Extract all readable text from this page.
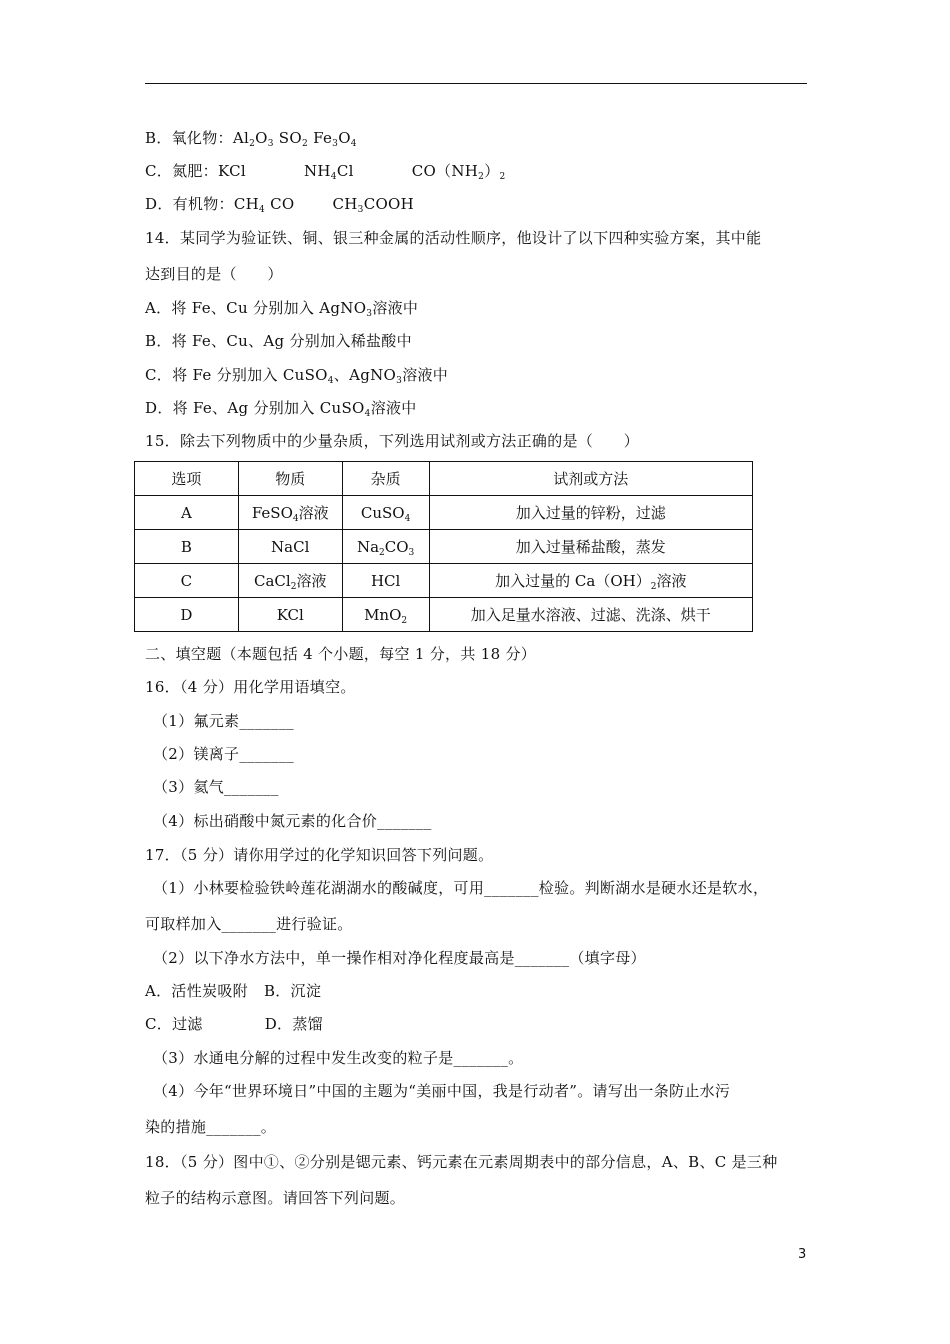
B．氧化物：$Al_2O_3$ $SO_2$ $Fe_3O_4$
C．氮肥：KCl	$NH_4Cl$	$CO(NH_2)_2$
D．有机物：$CH_4$ CO	$CH_3COOH$
14．某同学为验证铁、铜、银三种金属的活动性顺序，他设计了以下四种实验方案，其中能
达到目的是（　　）
A．将 Fe、Cu 分别加入 AgNO$_3$溶液中
B．将 Fe、Cu、Ag 分别加入稀盐酸中
C．将 Fe 分别加入 CuSO$_4$、AgNO$_3$溶液中
D．将 Fe、Ag 分别加入 CuSO$_4$溶液中
15．除去下列物质中的少量杂质，下列选用试剂或方法正确的是（　　）
选项	物质	杂质	试剂或方法
A	FeSO$_4$溶液	CuSO$_4$	加入过量的锌粉，过滤
B	NaCl	$Na_2CO_3$	加入过量稀盐酸，蒸发
C	CaCl$_2$溶液	HCl	加入过量的 $Ca(OH)_2$溶液
D	KCl	MnO$_2$	加入足量水溶液、过滤、洗涤、烘干
二、填空题（本题包括 4 个小题，每空 1 分，共 18 分）
16．（4 分）用化学用语填空。
（1）氟元素_______
（2）镁离子_______
（3）氦气_______
（4）标出硝酸中氮元素的化合价_______
17．（5 分）请你用学过的化学知识回答下列问题。
（1）小林要检验铁岭莲花湖湖水的酸碱度，可用_______检验。判断湖水是硬水还是软水，
可取样加入_______进行验证。
（2）以下净水方法中，单一操作相对净化程度最高是_______（填字母）
A．活性炭吸附 B．沉淀
C．过滤	D．蒸馏
（3）水通电分解的过程中发生改变的粒子是_______。
（4）今年“世界环境日”中国的主题为“美丽中国，我是行动者”。请写出一条防止水污
染的措施_______。
18．（5 分）图中①、②分别是锶元素、钙元素在元素周期表中的部分信息，A、B、C 是三种
粒子的结构示意图。请回答下列问题。
3
